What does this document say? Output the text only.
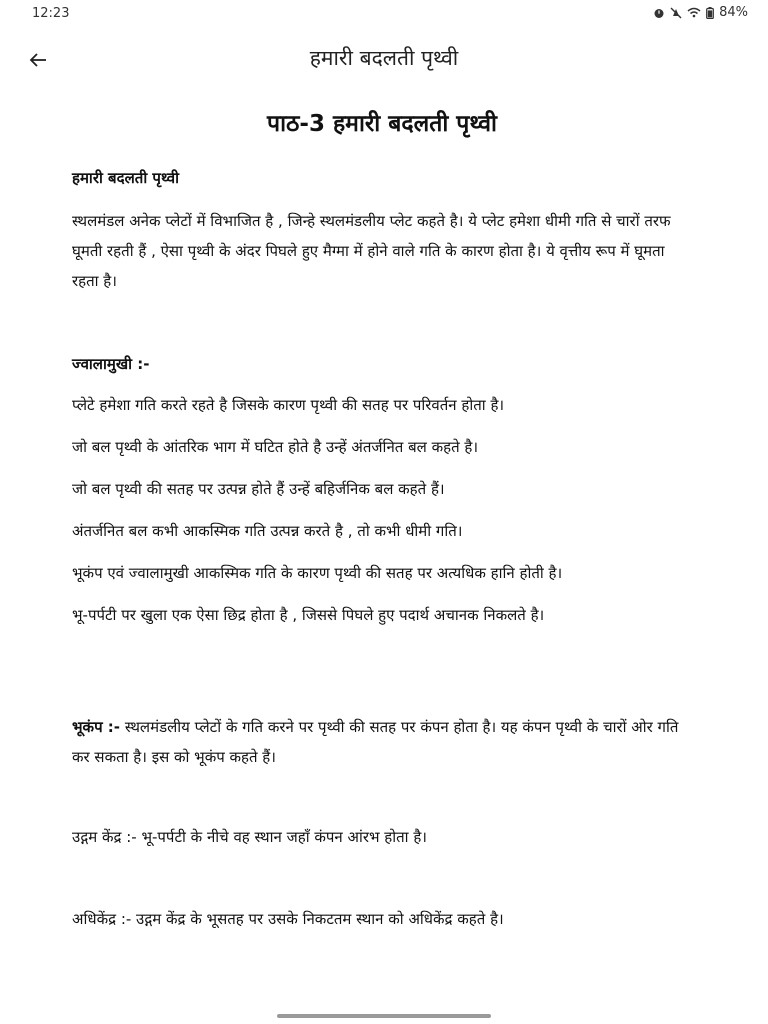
12:23	84%
हमारी बदलती पृथ्वी
पाठ-3 हमारी बदलती पृथ्वी
हमारी बदलती पृथ्वी

स्थलमंडल अनेक प्लेटों में विभाजित है , जिन्हे स्थलमंडलीय प्लेट कहते है। ये प्लेट हमेशा धीमी गति से चारों तरफ घूमती रहती हैं , ऐसा पृथ्वी के अंदर पिघले हुए मैग्मा में होने वाले गति के कारण होता है। ये वृत्तीय रूप में घूमता रहता है।

ज्वालामुखी :-

प्लेटे हमेशा गति करते रहते है जिसके कारण पृथ्वी की सतह पर परिवर्तन होता है।

जो बल पृथ्वी के आंतरिक भाग में घटित होते है उन्हें अंतर्जनित बल कहते है।

जो बल पृथ्वी की सतह पर उत्पन्न होते हैं उन्हें बहिर्जनिक बल कहते हैं।

अंतर्जनित बल कभी आकस्मिक गति उत्पन्न करते है , तो कभी धीमी गति।

भूकंप एवं ज्वालामुखी आकस्मिक गति के कारण पृथ्वी की सतह पर अत्यधिक हानि होती है।

भू-पर्पटी पर खुला एक ऐसा छिद्र होता है , जिससे पिघले हुए पदार्थ अचानक निकलते है।

भूकंप :- स्थलमंडलीय प्लेटों के गति करने पर पृथ्वी की सतह पर कंपन होता है। यह कंपन पृथ्वी के चारों ओर गति कर सकता है। इस को भूकंप कहते हैं।

उद्गम केंद्र :- भू-पर्पटी के नीचे वह स्थान जहाँ कंपन आंरभ होता है।

अधिकेंद्र :- उद्गम केंद्र के भूसतह पर उसके निकटतम स्थान को अधिकेंद्र कहते है।
